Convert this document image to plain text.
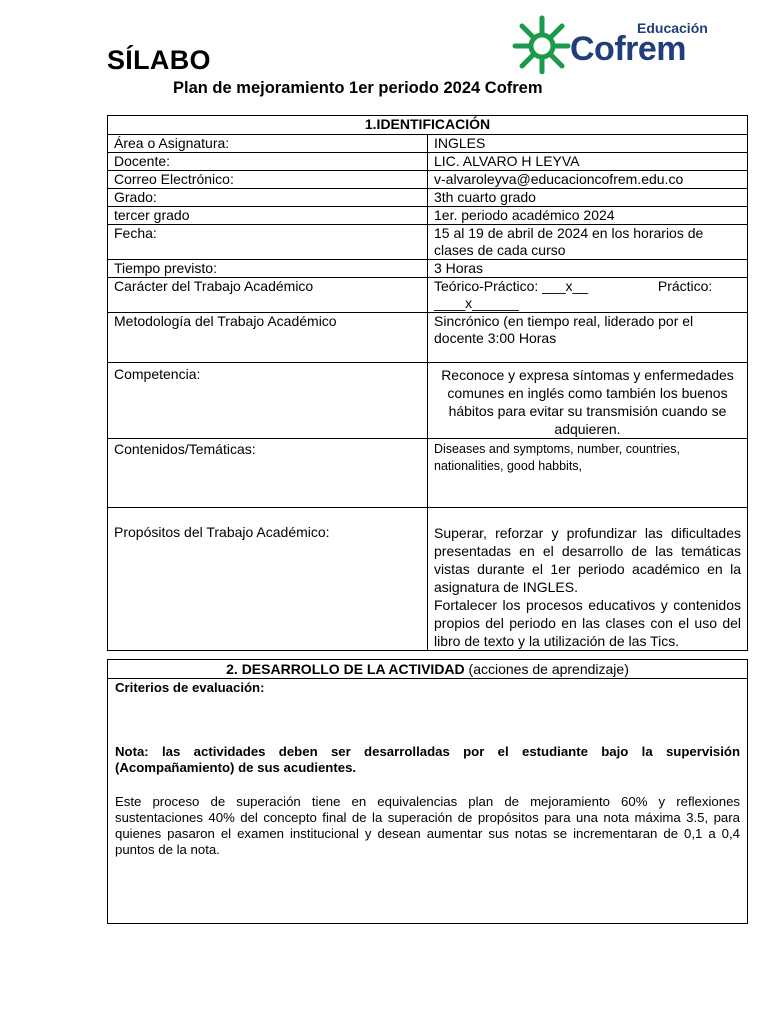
SÍLABO
Plan de mejoramiento 1er periodo 2024 Cofrem
Educación
Cofrem
1.IDENTIFICACIÓN	
Área o Asignatura:	INGLES
Docente:	LIC. ALVARO H LEYVA
Correo Electrónico:	v-alvaroleyva@educacioncofrem.edu.co
Grado:	3th cuarto grado
tercer grado	1er. periodo académico 2024
Fecha:	15 al 19 de abril de 2024 en los horarios de clases de cada curso
Tiempo previsto:	3 Horas
Carácter del Trabajo Académico	Teórico-Práctico: ___x__ Práctico: ____x______
Metodología del Trabajo Académico	Sincrónico (en tiempo real, liderado por el docente 3:00 Horas
Competencia:	Reconoce y expresa síntomas y enfermedades comunes en inglés como también los buenos hábitos para evitar su transmisión cuando se adquieren.
Contenidos/Temáticas:	Diseases and symptoms, number, countries, nationalities, good habbits,
Propósitos del Trabajo Académico:	Superar, reforzar y profundizar las dificultades presentadas en el desarrollo de las temáticas vistas durante el 1er periodo académico en la asignatura de INGLES.
Fortalecer los procesos educativos y contenidos propios del periodo en las clases con el uso del libro de texto y la utilización de las Tics.
2. DESARROLLO DE LA ACTIVIDAD (acciones de aprendizaje)

Criterios de evaluación:
Nota: las actividades deben ser desarrolladas por el estudiante bajo la supervisión (Acompañamiento) de sus acudientes.
Este proceso de superación tiene en equivalencias plan de mejoramiento 60% y reflexiones sustentaciones 40% del concepto final de la superación de propósitos para una nota máxima 3.5, para quienes pasaron el examen institucional y desean aumentar sus notas se incrementaran de 0,1 a 0,4 puntos de la nota.
